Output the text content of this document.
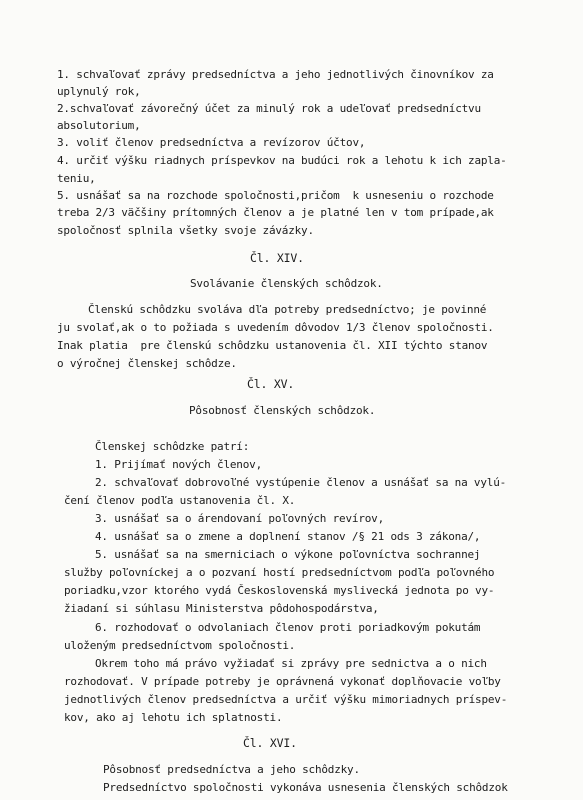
1. schvaľovať zprávy predsedníctva a jeho jednotlivých činovníkov za
uplynulý rok,
2.schvaľovať závorečný účet za minulý rok a udeľovať predsedníctvu
absolutorium,
3. voliť členov predsedníctva a revízorov účtov,
4. určiť výšku riadnych príspevkov na budúci rok a lehotu k ich zapla-
teniu,
5. usnášať sa na rozchode spoločnosti,pričom  k usneseniu o rozchode
treba 2/3 väčšiny prítomných členov a je platné len v tom prípade,ak
spoločnosť splnila všetky svoje závázky.
Čl. XIV.
Svolávanie členských schôdzok.
Členskú schôdzku svoláva dľa potreby predsedníctvo; je povinné
ju svolať,ak o to požiada s uvedením dôvodov 1/3 členov spoločnosti.
Inak platia  pre členskú schôdzku ustanovenia čl. XII týchto stanov
o výročnej členskej schôdze.
Čl. XV.
Pôsobnosť členských schôdzok.
Členskej schôdzke patrí:
1. Prijímať nových členov,
2. schvaľovať dobrovoľné vystúpenie členov a usnášať sa na vylú-
čení členov podľa ustanovenia čl. X.
3. usnášať sa o árendovaní poľovných revírov,
4. usnášať sa o zmene a doplnení stanov /§ 21 ods 3 zákona/,
5. usnášať sa na smerniciach o výkone poľovníctva sochrannej
služby poľovníckej a o pozvaní hostí predsedníctvom podľa poľovného
poriadku,vzor ktorého vydá Československá myslivecká jednota po vy-
žiadaní si súhlasu Ministerstva pôdohospodárstva,
6. rozhodovať o odvolaniach členov proti poriadkovým pokutám
uloženým predsedníctvom spoločnosti.
Okrem toho má právo vyžiadať si zprávy pre sednictva a o nich
rozhodovať. V prípade potreby je oprávnená vykonať doplňovacie voľby
jednotlivých členov predsedníctva a určiť výšku mimoriadnych príspev-
kov, ako aj lehotu ich splatnosti.
Čl. XVI.
Pôsobnosť predsedníctva a jeho schôdzky.
Predsedníctvo spoločnosti vykonáva usnesenia členských schôdzok
